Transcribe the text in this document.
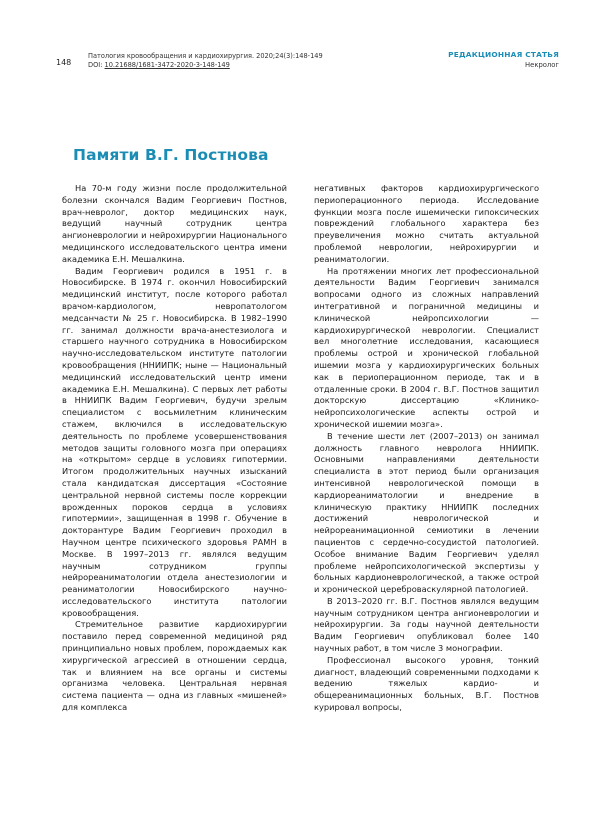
148
Патология кровообращения и кардиохирургия. 2020;24(3):148-149
DOI: 10.21688/1681-3472-2020-3-148-149
РЕДАКЦИОННАЯ СТАТЬЯ
Некролог
Памяти В.Г. Постнова

На 70-м году жизни после продолжительной болезни скончался Вадим Георгиевич Постнов, врач-невролог, доктор медицинских наук, ведущий научный сотрудник центра ангионеврологии и нейрохирургии Национального медицинского исследовательского центра имени академика Е.Н. Мешалкина.

Вадим Георгиевич родился в 1951 г. в Новосибирске. В 1974 г. окончил Новосибирский медицинский институт, после которого работал врачом-кардиологом, невропатологом медсанчасти № 25 г. Новосибирска. В 1982–1990 гг. занимал должности врача-анестезиолога и старшего научного сотрудника в Новосибирском научно-исследовательском институте патологии кровообращения (ННИИПК; ныне — Национальный медицинский исследовательский центр имени академика Е.Н. Мешалкина). С первых лет работы в ННИИПК Вадим Георгиевич, будучи зрелым специалистом с восьмилетним клиническим стажем, включился в исследовательскую деятельность по проблеме усовершенствования методов защиты головного мозга при операциях на «открытом» сердце в условиях гипотермии. Итогом продолжительных научных изысканий стала кандидатская диссертация «Состояние центральной нервной системы после коррекции врожденных пороков сердца в условиях гипотермии», защищенная в 1998 г. Обучение в докторантуре Вадим Георгиевич проходил в Научном центре психического здоровья РАМН в Москве. В 1997–2013 гг. являлся ведущим научным сотрудником группы нейрореаниматологии отдела анестезиологии и реаниматологии Новосибирского научно-исследовательского института патологии кровообращения.

Стремительное развитие кардиохирургии поставило перед современной медициной ряд принципиально новых проблем, порождаемых как хирургической агрессией в отношении сердца, так и влиянием на все органы и системы организма человека. Центральная нервная система пациента — одна из главных «мишеней» для комплекса

негативных факторов кардиохирургического периоперационного периода. Исследование функции мозга после ишемически гипоксических повреждений глобального характера без преувеличения можно считать актуальной проблемой неврологии, нейрохирургии и реаниматологии.

На протяжении многих лет профессиональной деятельности Вадим Георгиевич занимался вопросами одного из сложных направлений интегративной и пограничной медицины и клинической нейропсихологии — кардиохирургической неврологии. Специалист вел многолетние исследования, касающиеся проблемы острой и хронической глобальной ишемии мозга у кардиохирургических больных как в периоперационном периоде, так и в отдаленные сроки. В 2004 г. В.Г. Постнов защитил докторскую диссертацию «Клинико-нейропсихологические аспекты острой и хронической ишемии мозга».

В течение шести лет (2007–2013) он занимал должность главного невролога ННИИПК. Основными направлениями деятельности специалиста в этот период были организация интенсивной неврологической помощи в кардиореаниматологии и внедрение в клиническую практику ННИИПК последних достижений неврологической и нейрореанимационной семиотики в лечении пациентов с сердечно-сосудистой патологией. Особое внимание Вадим Георгиевич уделял проблеме нейропсихологической экспертизы у больных кардионеврологической, а также острой и хронической цереброваскулярной патологией.

В 2013–2020 гг. В.Г. Постнов являлся ведущим научным сотрудником центра ангионеврологии и нейрохирургии. За годы научной деятельности Вадим Георгиевич опубликовал более 140 научных работ, в том числе 3 монографии.

Профессионал высокого уровня, тонкий диагност, владеющий современными подходами к ведению тяжелых кардио- и общереанимационных больных, В.Г. Постнов курировал вопросы,
